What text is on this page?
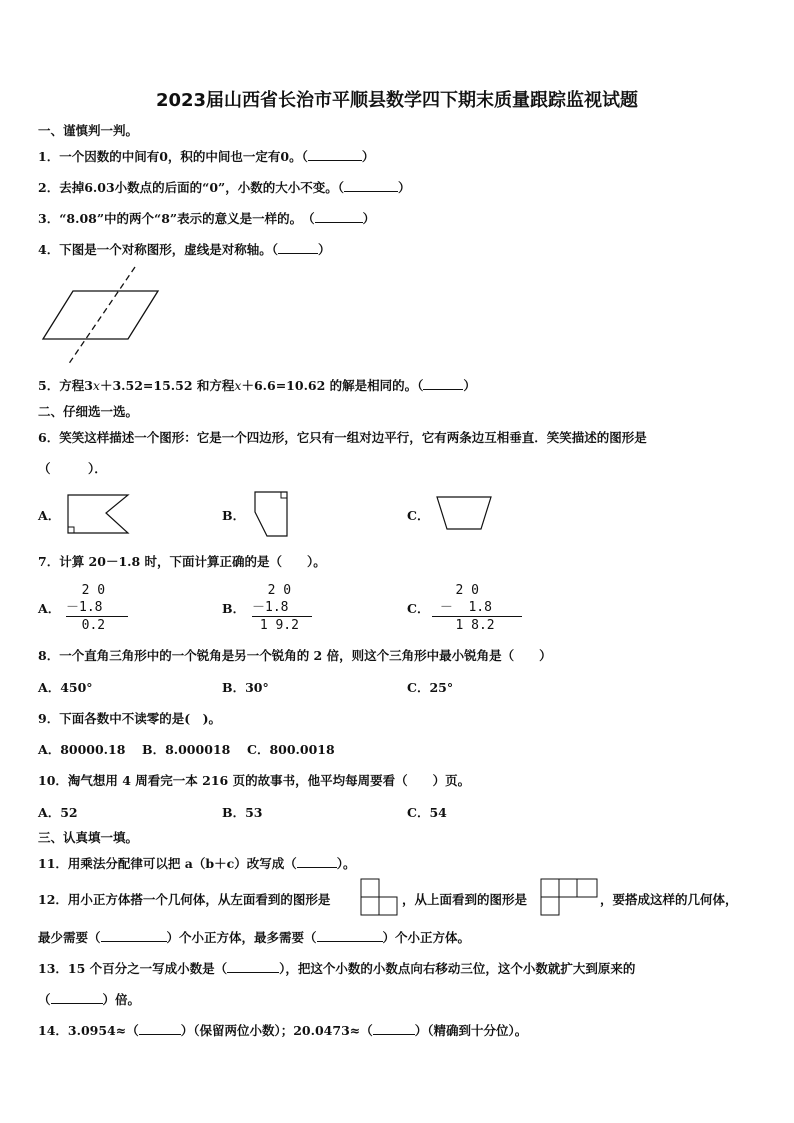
2023届山西省长治市平顺县数学四下期末质量跟踪监视试题
一、谨慎判一判。
1．一个因数的中间有0，积的中间也一定有0。（	）
2．去掉6.03小数点的后面的“0”，小数的大小不变。（	）
3．“8.08”中的两个“8”表示的意义是一样的。　（	）
4．下图是一个对称图形，虚线是对称轴。（	）
5．方程3x＋3.52=15.52 和方程x＋6.6=10.62 的解是相同的。（	）
二、仔细选一选。
6．笑笑这样描述一个图形：它是一个四边形，它只有一组对边平行，它有两条边互相垂直．笑笑描述的图形是
（　　　）．
A．	B．	C．
7．计算 20－1.8 时，下面计算正确的是（　　）。
A．
2 0
－1.8
0.2
B．
2 0
－1.8
1 9.2
C．
2 0
－  1.8
1 8.2
8．一个直角三角形中的一个锐角是另一个锐角的 2 倍，则这个三角形中最小锐角是（　　）
A．450°	B．30°	C．25°
9．下面各数中不读零的是(　)。
A．80000.18 B．8.000018 C．800.0018
10．淘气想用 4 周看完一本 216 页的故事书，他平均每周要看（　　）页。
A．52	B．53	C．54
三、认真填一填。
11．用乘法分配律可以把 a（b＋c）改写成（	）。
12．用小正方体搭一个几何体，从左面看到的图形是	，从上面看到的图形是	，要搭成这样的几何体，
最少需要（	）个小正方体，最多需要（	）个小正方体。
13．15 个百分之一写成小数是（	），把这个小数的小数点向右移动三位，这个小数就扩大到原来的
（	）倍。
14．3.0954≈（	）（保留两位小数）；20.0473≈（	）（精确到十分位）。
